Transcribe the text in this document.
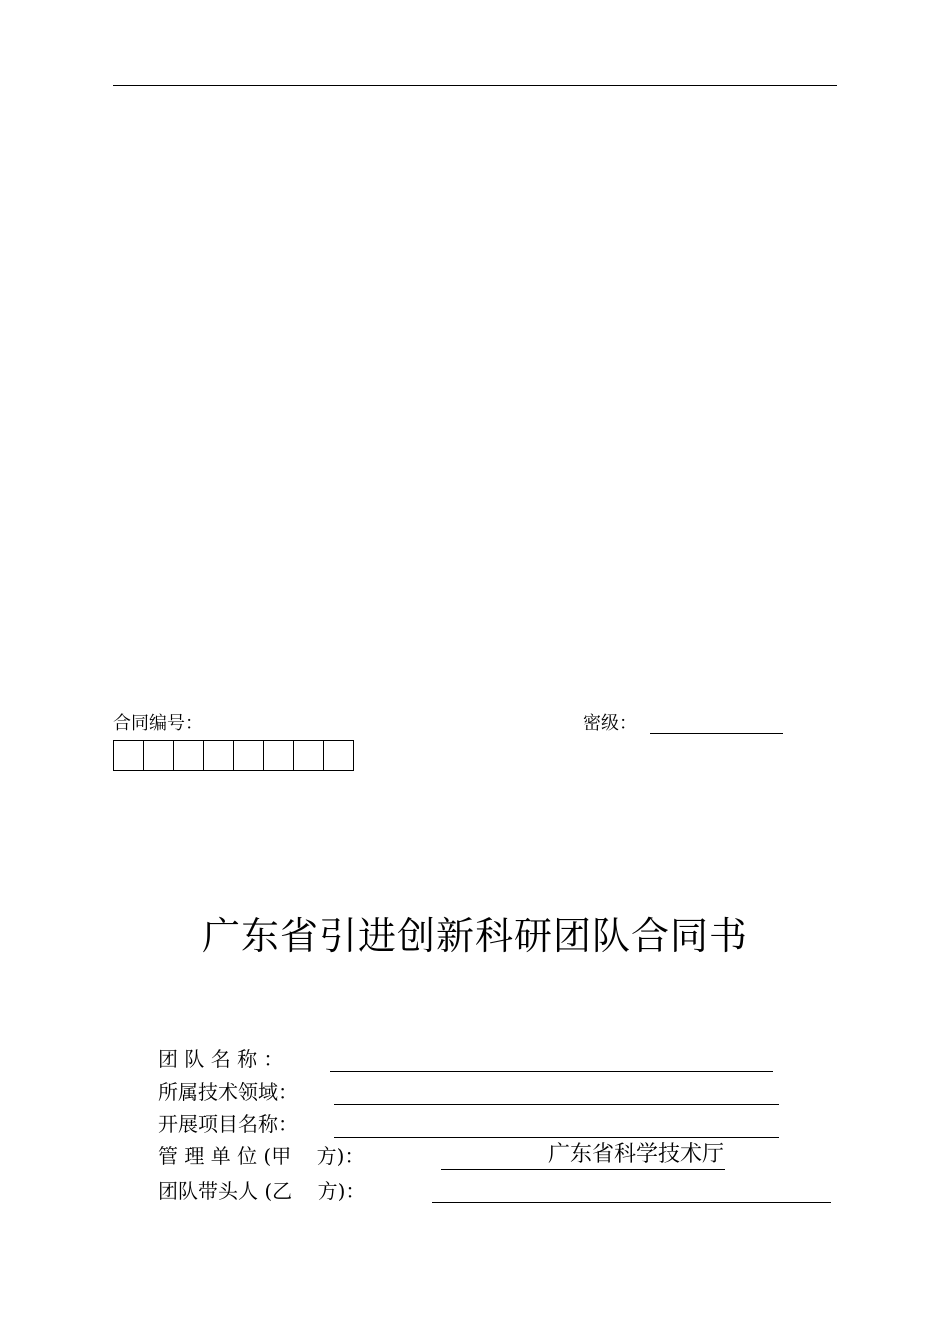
合同编号：	密级：
广东省引进创新科研团队合同书
团 队 名 称 ：
所属技术领域：
开展项目名称：
管 理 单 位 (甲    方)：	广东省科学技术厅
团队带头人 (乙    方)：
